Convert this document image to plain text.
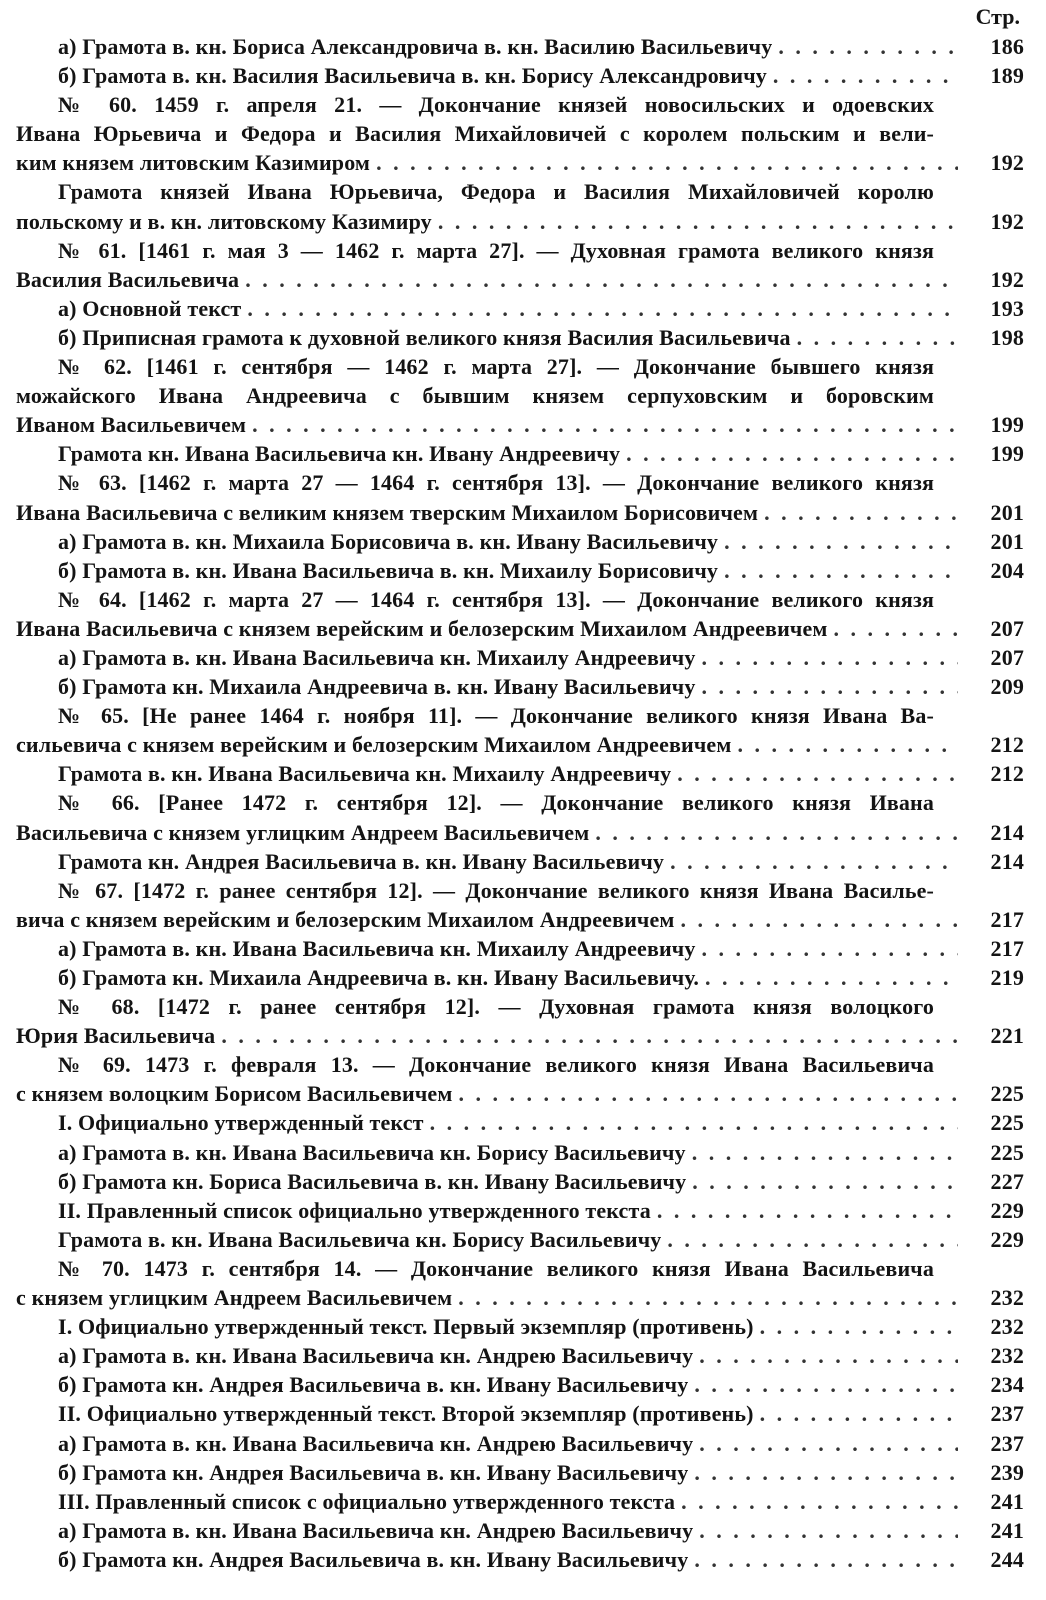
Стр.
а) Грамота в. кн. Бориса Александровича в. кн. Василию Васильевичу . . .	186
б) Грамота в. кн. Василия Васильевича в. кн. Борису Александровичу . . .	189
№ 60. 1459 г. апреля 21. — Докончание князей новосильских и одоевских
Ивана Юрьевича и Федора и Василия Михайловичей с королем польским и вели-
ким князем литовским Казимиром . . .	192
Грамота князей Ивана Юрьевича, Федора и Василия Михайловичей королю
польскому и в. кн. литовскому Казимиру . . .	192
№ 61. [1461 г. мая 3 — 1462 г. марта 27]. — Духовная грамота великого князя
Василия Васильевича . . .	192
а) Основной текст . . .	193
б) Приписная грамота к духовной великого князя Василия Васильевича . . .	198
№ 62. [1461 г. сентября — 1462 г. марта 27]. — Докончание бывшего князя
можайского Ивана Андреевича с бывшим князем серпуховским и боровским
Иваном Васильевичем . . .	199
Грамота кн. Ивана Васильевича кн. Ивану Андреевичу . . .	199
№ 63. [1462 г. марта 27 — 1464 г. сентября 13]. — Докончание великого князя
Ивана Васильевича с великим князем тверским Михаилом Борисовичем . . .	201
а) Грамота в. кн. Михаила Борисовича в. кн. Ивану Васильевичу . . .	201
б) Грамота в. кн. Ивана Васильевича в. кн. Михаилу Борисовичу . . .	204
№ 64. [1462 г. марта 27 — 1464 г. сентября 13]. — Докончание великого князя
Ивана Васильевича с князем верейским и белозерским Михаилом Андреевичем . . .	207
а) Грамота в. кн. Ивана Васильевича кн. Михаилу Андреевичу . . .	207
б) Грамота кн. Михаила Андреевича в. кн. Ивану Васильевичу . . .	209
№ 65. [Не ранее 1464 г. ноября 11]. — Докончание великого князя Ивана Ва-
сильевича с князем верейским и белозерским Михаилом Андреевичем . . .	212
Грамота в. кн. Ивана Васильевича кн. Михаилу Андреевичу . . .	212
№ 66. [Ранее 1472 г. сентября 12]. — Докончание великого князя Ивана
Васильевича с князем углицким Андреем Васильевичем . . .	214
Грамота кн. Андрея Васильевича в. кн. Ивану Васильевичу . . .	214
№ 67. [1472 г. ранее сентября 12]. — Докончание великого князя Ивана Василье-
вича с князем верейским и белозерским Михаилом Андреевичем . . .	217
а) Грамота в. кн. Ивана Васильевича кн. Михаилу Андреевичу . . .	217
б) Грамота кн. Михаила Андреевича в. кн. Ивану Васильевичу. . . .	219
№ 68. [1472 г. ранее сентября 12]. — Духовная грамота князя волоцкого
Юрия Васильевича . . .	221
№ 69. 1473 г. февраля 13. — Докончание великого князя Ивана Васильевича
с князем волоцким Борисом Васильевичем . . .	225
I. Официально утвержденный текст . . .	225
а) Грамота в. кн. Ивана Васильевича кн. Борису Васильевичу . . .	225
б) Грамота кн. Бориса Васильевича в. кн. Ивану Васильевичу . . .	227
II. Правленный список официально утвержденного текста . . .	229
Грамота в. кн. Ивана Васильевича кн. Борису Васильевичу . . .	229
№ 70. 1473 г. сентября 14. — Докончание великого князя Ивана Васильевича
с князем углицким Андреем Васильевичем . . .	232
I. Официально утвержденный текст. Первый экземпляр (противень) . . .	232
а) Грамота в. кн. Ивана Васильевича кн. Андрею Васильевичу . . .	232
б) Грамота кн. Андрея Васильевича в. кн. Ивану Васильевичу . . .	234
II. Официально утвержденный текст. Второй экземпляр (противень) . . .	237
а) Грамота в. кн. Ивана Васильевича кн. Андрею Васильевичу . . .	237
б) Грамота кн. Андрея Васильевича в. кн. Ивану Васильевичу . . .	239
III. Правленный список с официально утвержденного текста . . .	241
а) Грамота в. кн. Ивана Васильевича кн. Андрею Васильевичу . . .	241
б) Грамота кн. Андрея Васильевича в. кн. Ивану Васильевичу . . .	244
